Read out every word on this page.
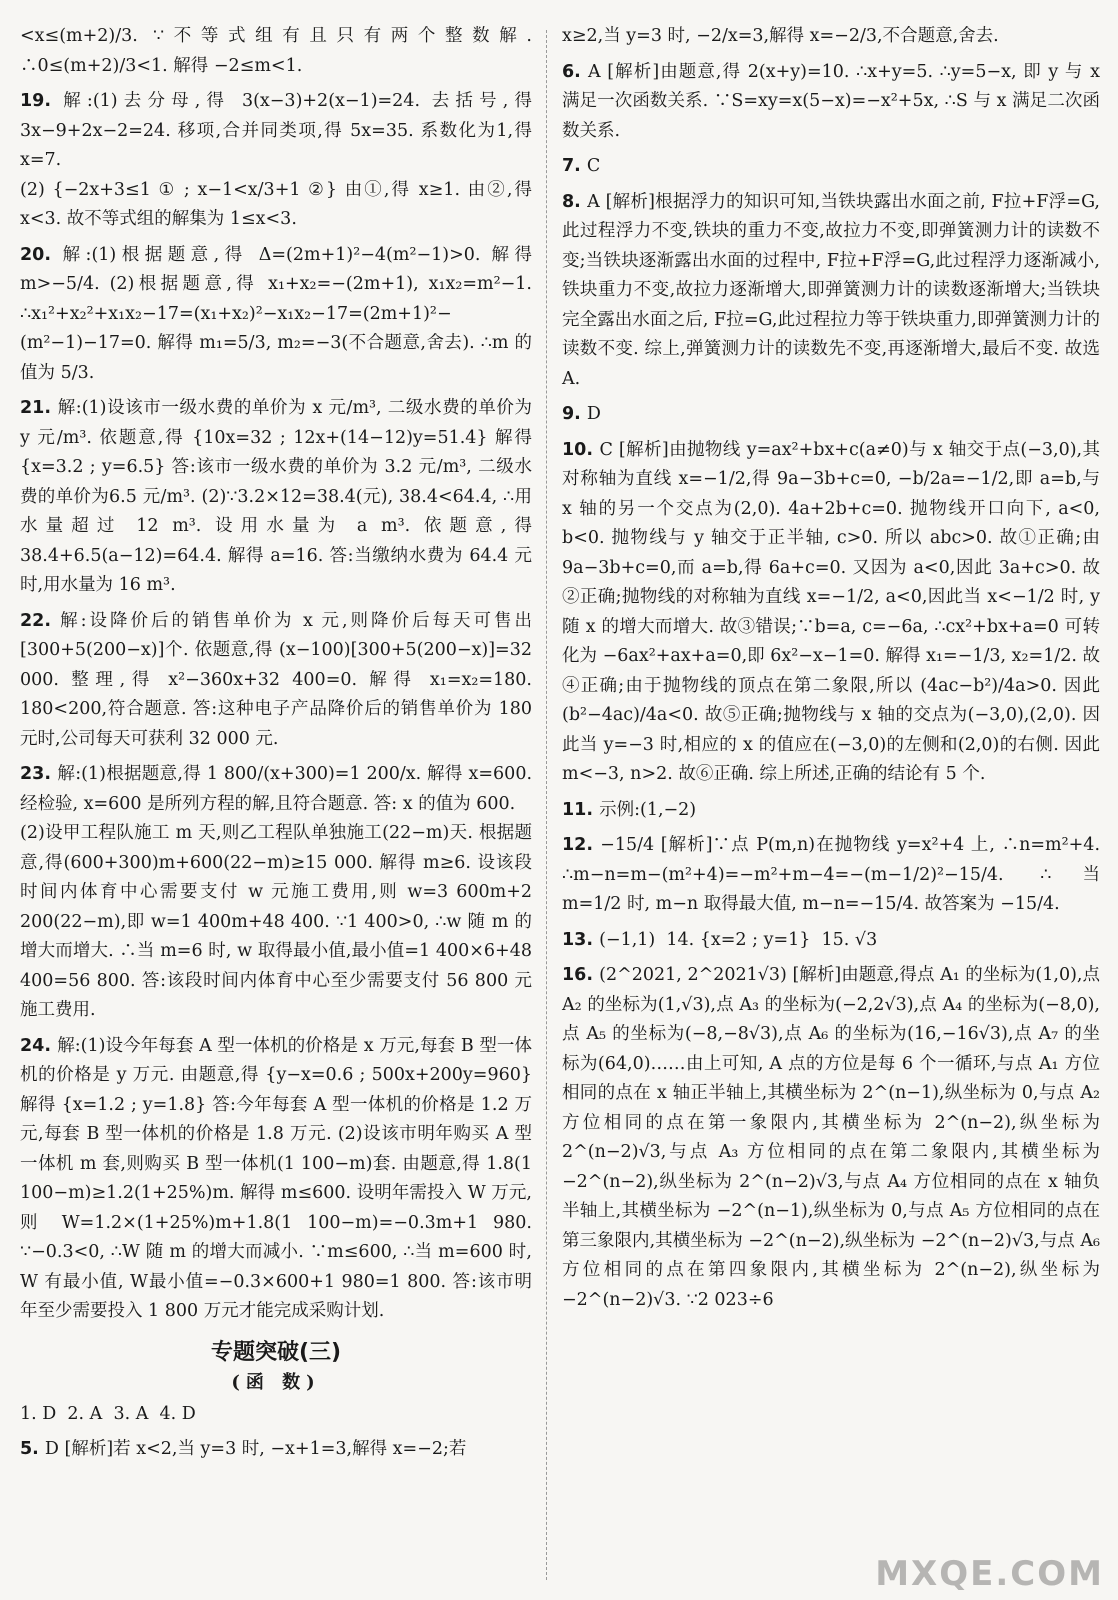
<x≤(m+2)/3. ∵不等式组有且只有两个整数解. ∴0≤(m+2)/3<1. 解得 −2≤m<1.

19. 解:(1)去分母,得 3(x−3)+2(x−1)=24. 去括号,得 3x−9+2x−2=24. 移项,合并同类项,得 5x=35. 系数化为1,得 x=7.
(2) {−2x+3≤1 ① ; x−1<x/3+1 ②} 由①,得 x≥1. 由②,得 x<3. 故不等式组的解集为 1≤x<3.

20. 解:(1)根据题意,得 Δ=(2m+1)²−4(m²−1)>0. 解得 m>−5/4. (2)根据题意,得 x₁+x₂=−(2m+1), x₁x₂=m²−1. ∴x₁²+x₂²+x₁x₂−17=(x₁+x₂)²−x₁x₂−17=(2m+1)²−(m²−1)−17=0. 解得 m₁=5/3, m₂=−3(不合题意,舍去). ∴m 的值为 5/3.

21. 解:(1)设该市一级水费的单价为 x 元/m³, 二级水费的单价为 y 元/m³. 依题意,得 {10x=32 ; 12x+(14−12)y=51.4} 解得 {x=3.2 ; y=6.5} 答:该市一级水费的单价为 3.2 元/m³, 二级水费的单价为6.5 元/m³. (2)∵3.2×12=38.4(元), 38.4<64.4, ∴用水量超过 12 m³. 设用水量为 a m³. 依题意,得 38.4+6.5(a−12)=64.4. 解得 a=16. 答:当缴纳水费为 64.4 元时,用水量为 16 m³.

22. 解:设降价后的销售单价为 x 元,则降价后每天可售出[300+5(200−x)]个. 依题意,得 (x−100)[300+5(200−x)]=32 000. 整理,得 x²−360x+32 400=0. 解得 x₁=x₂=180. 180<200,符合题意. 答:这种电子产品降价后的销售单价为 180 元时,公司每天可获利 32 000 元.

23. 解:(1)根据题意,得 1 800/(x+300)=1 200/x. 解得 x=600. 经检验, x=600 是所列方程的解,且符合题意. 答: x 的值为 600.
(2)设甲工程队施工 m 天,则乙工程队单独施工(22−m)天. 根据题意,得(600+300)m+600(22−m)≥15 000. 解得 m≥6. 设该段时间内体育中心需要支付 w 元施工费用,则 w=3 600m+2 200(22−m),即 w=1 400m+48 400. ∵1 400>0, ∴w 随 m 的增大而增大. ∴当 m=6 时, w 取得最小值,最小值=1 400×6+48 400=56 800. 答:该段时间内体育中心至少需要支付 56 800 元施工费用.

24. 解:(1)设今年每套 A 型一体机的价格是 x 万元,每套 B 型一体机的价格是 y 万元. 由题意,得 {y−x=0.6 ; 500x+200y=960} 解得 {x=1.2 ; y=1.8} 答:今年每套 A 型一体机的价格是 1.2 万元,每套 B 型一体机的价格是 1.8 万元. (2)设该市明年购买 A 型一体机 m 套,则购买 B 型一体机(1 100−m)套. 由题意,得 1.8(1 100−m)≥1.2(1+25%)m. 解得 m≤600. 设明年需投入 W 万元,则 W=1.2×(1+25%)m+1.8(1 100−m)=−0.3m+1 980. ∵−0.3<0, ∴W 随 m 的增大而减小. ∵m≤600, ∴当 m=600 时, W 有最小值, W最小值=−0.3×600+1 980=1 800. 答:该市明年至少需要投入 1 800 万元才能完成采购计划.

专题突破(三)
(函 数)

1. D  2. A  3. A  4. D

5. D [解析]若 x<2,当 y=3 时, −x+1=3,解得 x=−2;若

x≥2,当 y=3 时, −2/x=3,解得 x=−2/3,不合题意,舍去.

6. A [解析]由题意,得 2(x+y)=10. ∴x+y=5. ∴y=5−x, 即 y 与 x 满足一次函数关系. ∵S=xy=x(5−x)=−x²+5x, ∴S 与 x 满足二次函数关系.

7. C

8. A [解析]根据浮力的知识可知,当铁块露出水面之前, F拉+F浮=G,此过程浮力不变,铁块的重力不变,故拉力不变,即弹簧测力计的读数不变;当铁块逐渐露出水面的过程中, F拉+F浮=G,此过程浮力逐渐减小,铁块重力不变,故拉力逐渐增大,即弹簧测力计的读数逐渐增大;当铁块完全露出水面之后, F拉=G,此过程拉力等于铁块重力,即弹簧测力计的读数不变. 综上,弹簧测力计的读数先不变,再逐渐增大,最后不变. 故选 A.

9. D

10. C [解析]由抛物线 y=ax²+bx+c(a≠0)与 x 轴交于点(−3,0),其对称轴为直线 x=−1/2,得 9a−3b+c=0, −b/2a=−1/2,即 a=b,与 x 轴的另一个交点为(2,0). 4a+2b+c=0. 抛物线开口向下, a<0, b<0. 抛物线与 y 轴交于正半轴, c>0. 所以 abc>0. 故①正确;由 9a−3b+c=0,而 a=b,得 6a+c=0. 又因为 a<0,因此 3a+c>0. 故②正确;抛物线的对称轴为直线 x=−1/2, a<0,因此当 x<−1/2 时, y 随 x 的增大而增大. 故③错误;∵b=a, c=−6a, ∴cx²+bx+a=0 可转化为 −6ax²+ax+a=0,即 6x²−x−1=0. 解得 x₁=−1/3, x₂=1/2. 故④正确;由于抛物线的顶点在第二象限,所以 (4ac−b²)/4a>0. 因此 (b²−4ac)/4a<0. 故⑤正确;抛物线与 x 轴的交点为(−3,0),(2,0). 因此当 y=−3 时,相应的 x 的值应在(−3,0)的左侧和(2,0)的右侧. 因此 m<−3, n>2. 故⑥正确. 综上所述,正确的结论有 5 个.

11. 示例:(1,−2)

12. −15/4 [解析]∵点 P(m,n)在抛物线 y=x²+4 上, ∴n=m²+4. ∴m−n=m−(m²+4)=−m²+m−4=−(m−1/2)²−15/4. ∴当 m=1/2 时, m−n 取得最大值, m−n=−15/4. 故答案为 −15/4.

13. (−1,1)  14. {x=2 ; y=1}  15. √3

16. (2^2021, 2^2021√3) [解析]由题意,得点 A₁ 的坐标为(1,0),点 A₂ 的坐标为(1,√3),点 A₃ 的坐标为(−2,2√3),点 A₄ 的坐标为(−8,0),点 A₅ 的坐标为(−8,−8√3),点 A₆ 的坐标为(16,−16√3),点 A₇ 的坐标为(64,0)……由上可知, A 点的方位是每 6 个一循环,与点 A₁ 方位相同的点在 x 轴正半轴上,其横坐标为 2^(n−1),纵坐标为 0,与点 A₂ 方位相同的点在第一象限内,其横坐标为 2^(n−2),纵坐标为 2^(n−2)√3,与点 A₃ 方位相同的点在第二象限内,其横坐标为 −2^(n−2),纵坐标为 2^(n−2)√3,与点 A₄ 方位相同的点在 x 轴负半轴上,其横坐标为 −2^(n−1),纵坐标为 0,与点 A₅ 方位相同的点在第三象限内,其横坐标为 −2^(n−2),纵坐标为 −2^(n−2)√3,与点 A₆ 方位相同的点在第四象限内,其横坐标为 2^(n−2),纵坐标为 −2^(n−2)√3. ∵2 023÷6

MXQE.COM
